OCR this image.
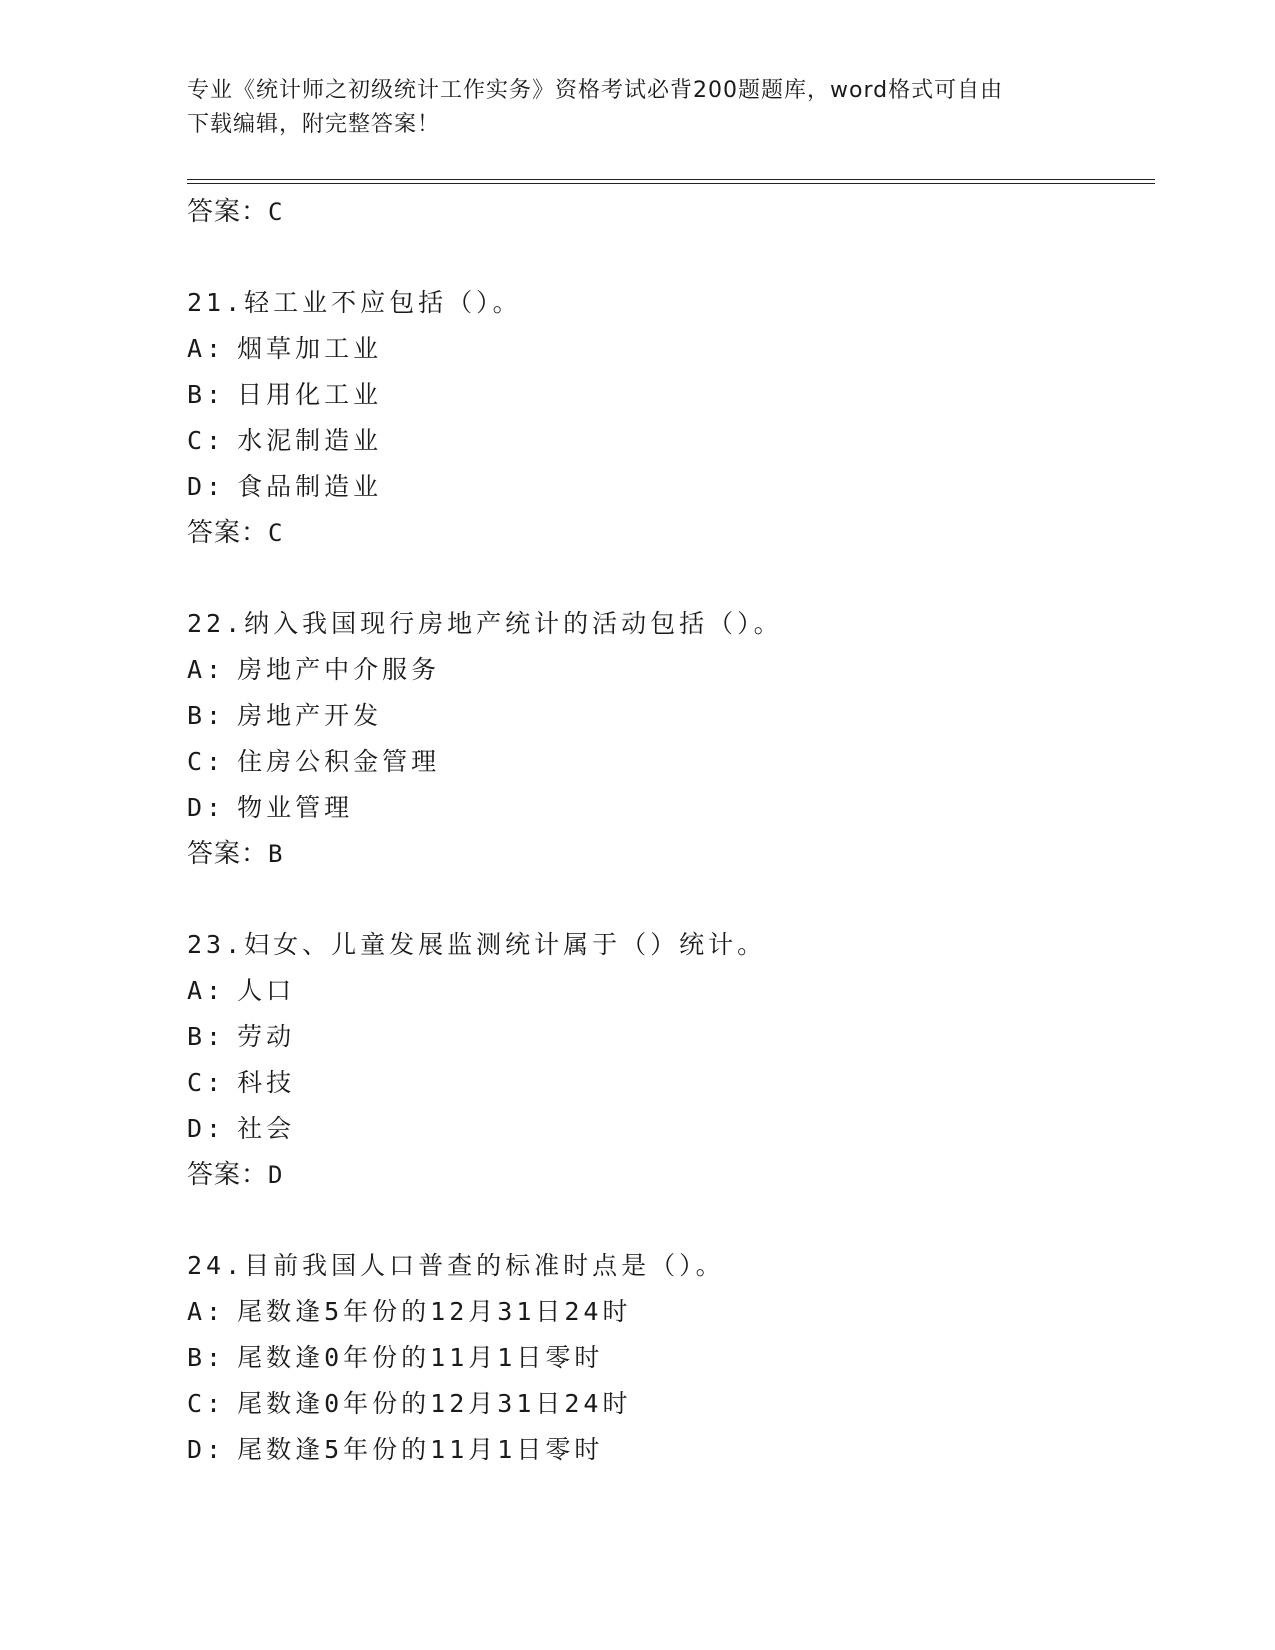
专业《统计师之初级统计工作实务》资格考试必背200题题库，word格式可自由
下载编辑，附完整答案！
答案：C
21.轻工业不应包括（）。
A: 烟草加工业
B: 日用化工业
C: 水泥制造业
D: 食品制造业
答案：C
22.纳入我国现行房地产统计的活动包括（）。
A: 房地产中介服务
B: 房地产开发
C: 住房公积金管理
D: 物业管理
答案：B
23.妇女、儿童发展监测统计属于（）统计。
A: 人口
B: 劳动
C: 科技
D: 社会
答案：D
24.目前我国人口普查的标准时点是（）。
A: 尾数逢5年份的12月31日24时
B: 尾数逢0年份的11月1日零时
C: 尾数逢0年份的12月31日24时
D: 尾数逢5年份的11月1日零时
